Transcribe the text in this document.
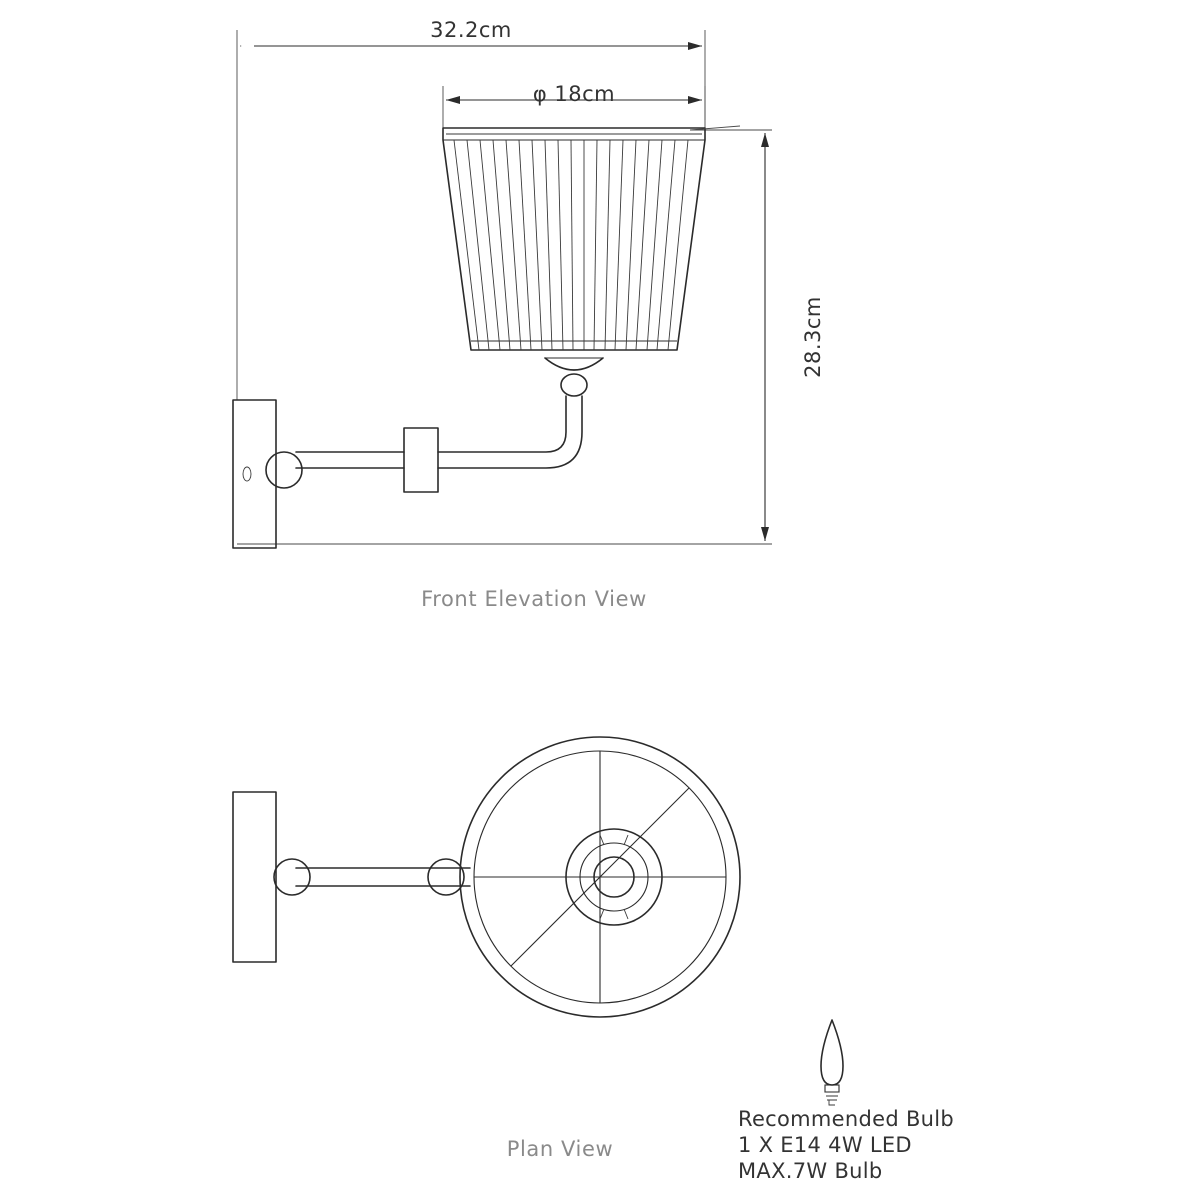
32.2cm
φ 18cm
28.3cm
Front Elevation View
Plan View
Recommended Bulb
1 X E14 4W LED
MAX.7W Bulb
